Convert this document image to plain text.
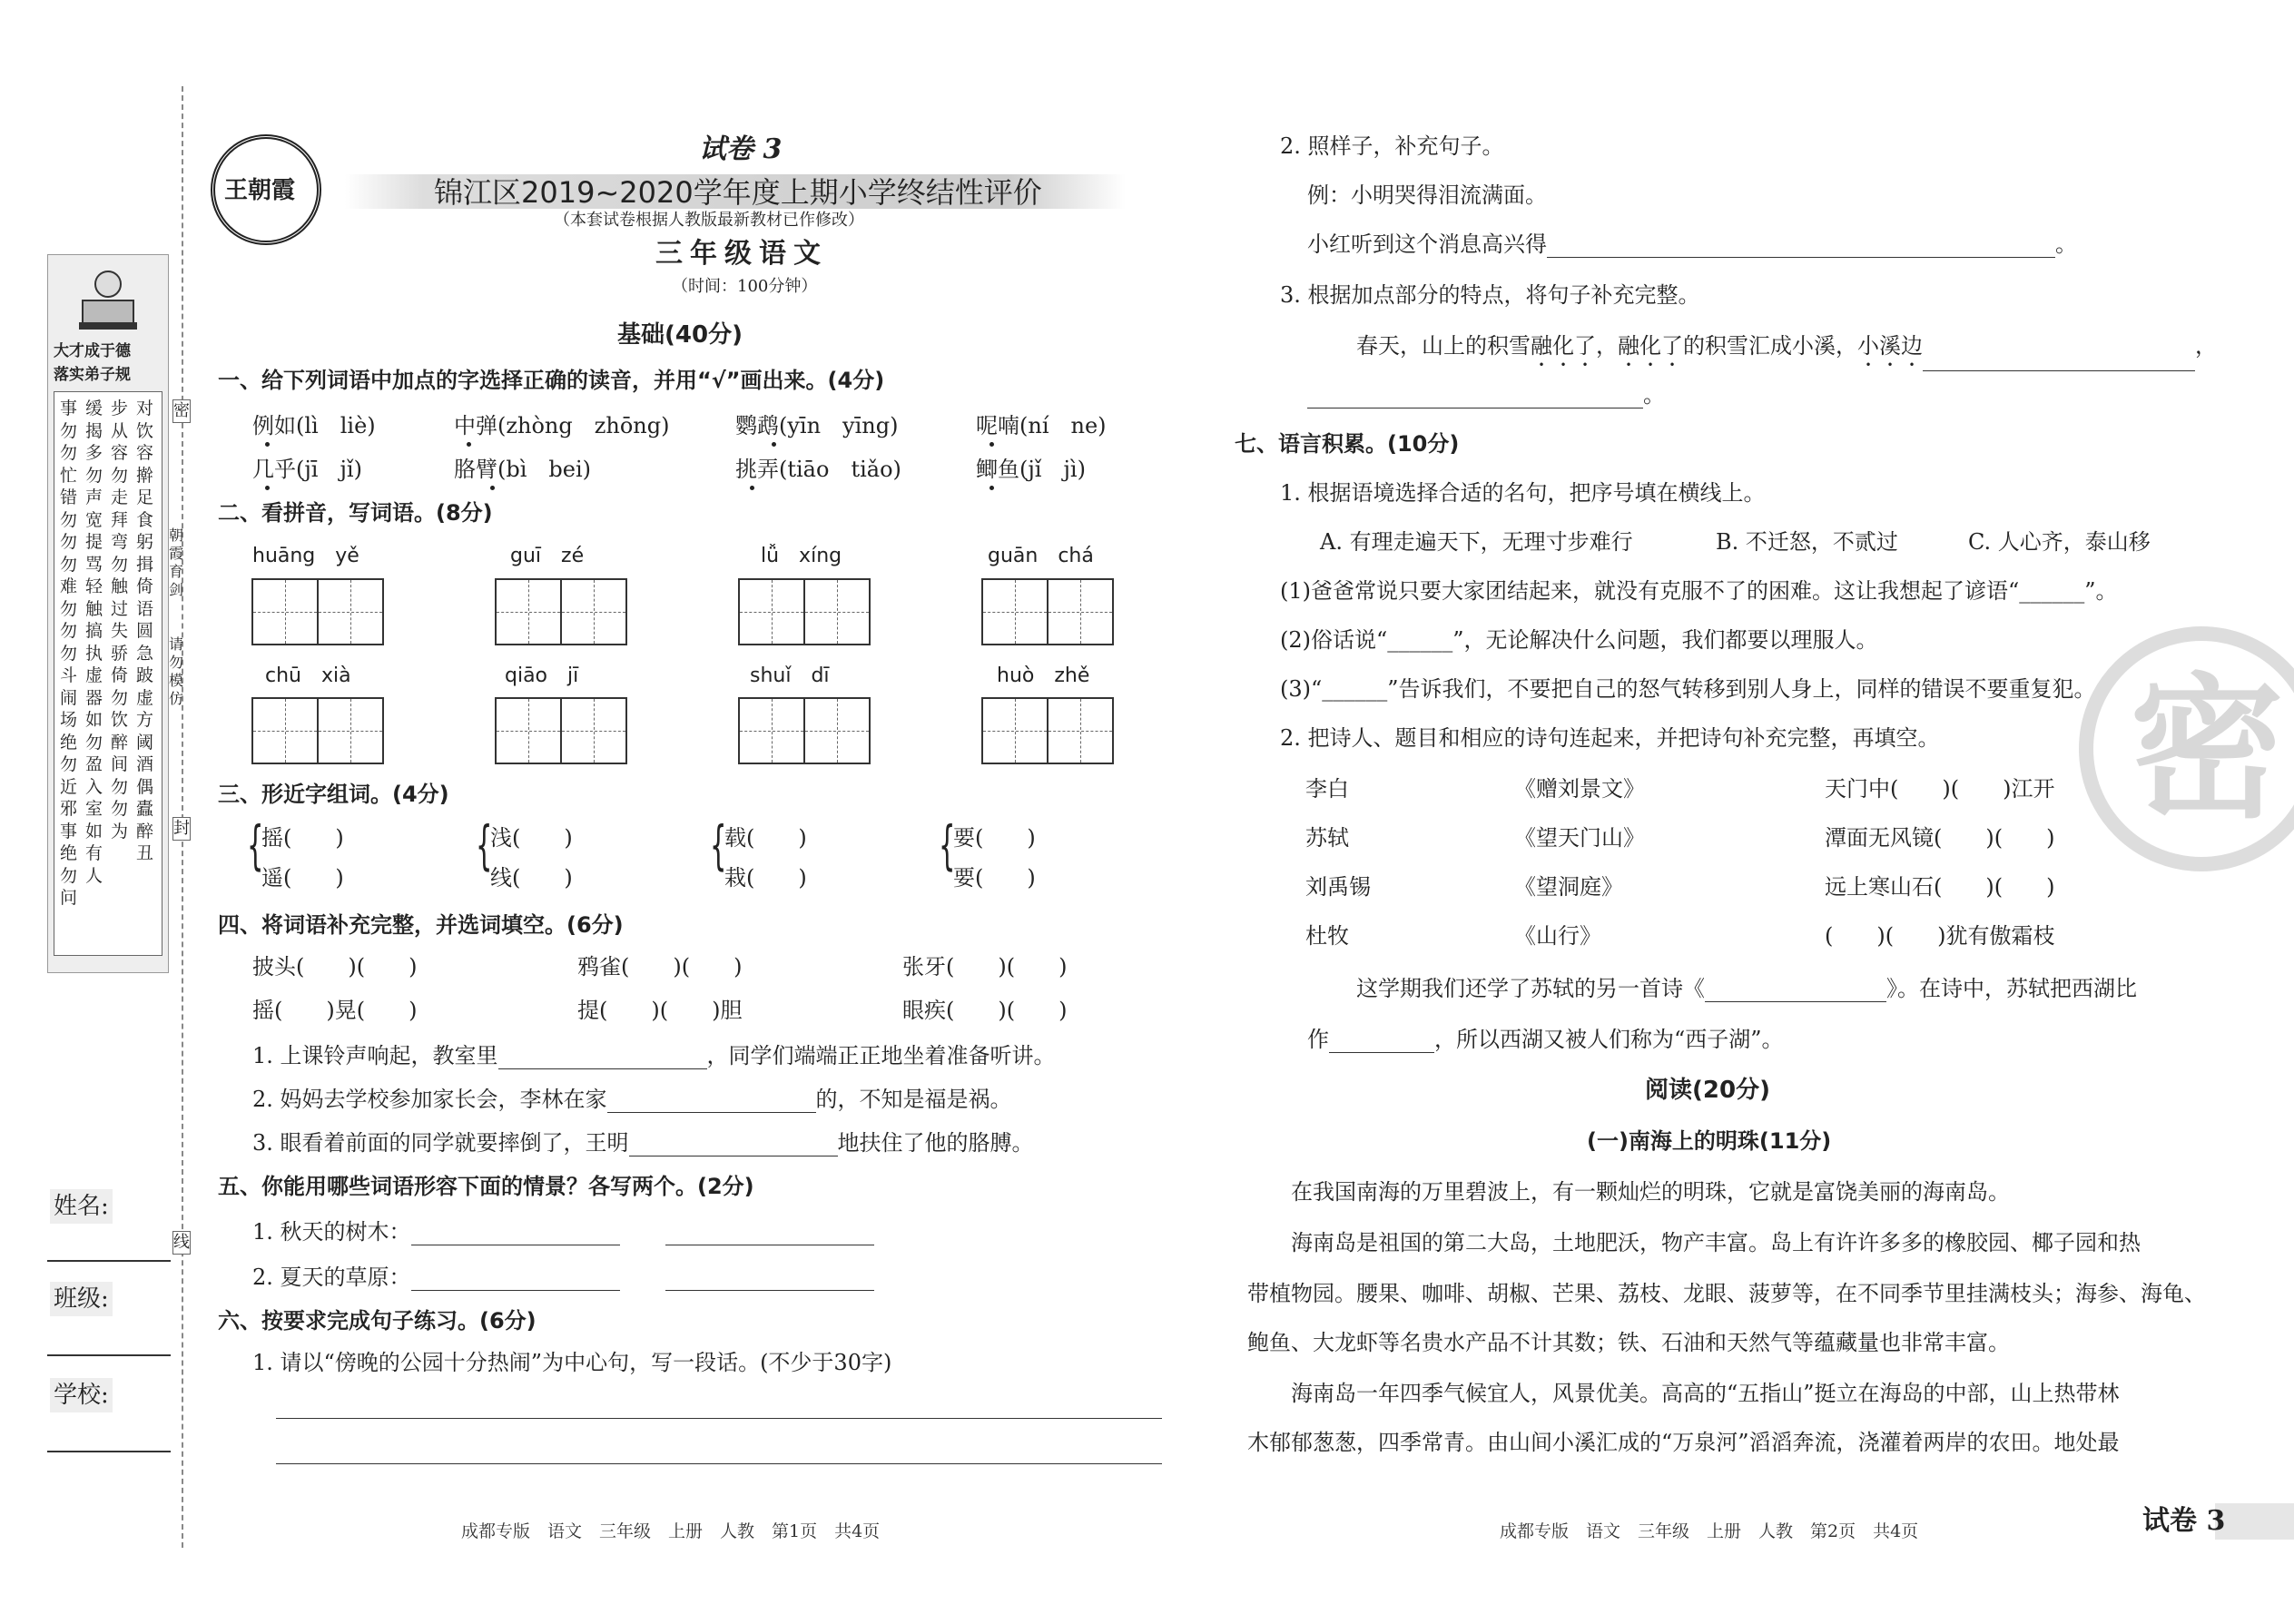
大才成于德
落实弟子规
事勿勿忙错勿勿勿难勿勿勿斗闹场绝勿近邪事绝勿问
缓揭多勿声宽提骂轻触搞执虚器如勿盈入室如有人
步从容勿走拜弯勿触过失骄倚勿饮醉间勿勿为
对饮容擀足食躬揖倚语圆急跛虚方阈酒偶蠹醉丑
密
封
线
朝霞育剑
请勿模仿
姓名:
班级:
学校:
王朝霞
试卷 3
锦江区2019~2020学年度上期小学终结性评价
（本套试卷根据人教版最新教材已作修改）
三年级语文
（时间：100分钟）
基础(40分)
一、给下列词语中加点的字选择正确的读音，并用“√”画出来。(4分)
例如(lì　liè)	中弹(zhòng　zhōng)	鹦鹉(yīn　yīng)	呢喃(ní　ne)
几乎(jī　jǐ)	胳臂(bì　bei)	挑弄(tiāo　tiǎo)	鲫鱼(jǐ　jì)
二、看拼音，写词语。(8分)
huāng　yě	guī　zé	lǚ　xíng	guān　chá
chū　xià	qiāo　jī	shuǐ　dī	huò　zhě
三、形近字组词。(4分)
{
摇(　　)
遥(　　)
{
浅(　　)
线(　　)
{
载(　　)
栽(　　)
{
要(　　)
要(　　)
四、将词语补充完整，并选词填空。(6分)
披头(　　)(　　)	鸦雀(　　)(　　)	张牙(　　)(　　)
摇(　　)晃(　　)	提(　　)(　　)胆	眼疾(　　)(　　)
1. 上课铃声响起，教室里	，同学们端端正正地坐着准备听讲。
2. 妈妈去学校参加家长会，李林在家	的，不知是福是祸。
3. 眼看着前面的同学就要摔倒了，王明	地扶住了他的胳膊。
五、你能用哪些词语形容下面的情景？各写两个。(2分)
1. 秋天的树木：
2. 夏天的草原：
六、按要求完成句子练习。(6分)
1. 请以“傍晚的公园十分热闹”为中心句，写一段话。(不少于30字)
成都专版　语文　三年级　上册　人教　第1页　共4页
2. 照样子，补充句子。
例：小明哭得泪流满面。
小红听到这个消息高兴得	。
3. 根据加点部分的特点，将句子补充完整。
春天，山上的积雪融化了，融化了的积雪汇成小溪，小溪边	，
。
七、语言积累。(10分)
1. 根据语境选择合适的名句，把序号填在横线上。
A. 有理走遍天下，无理寸步难行	B. 不迁怒，不贰过	C. 人心齐，泰山移
(1)爸爸常说只要大家团结起来，就没有克服不了的困难。这让我想起了谚语“______”。
(2)俗话说“______”，无论解决什么问题，我们都要以理服人。
(3)“______”告诉我们，不要把自己的怒气转移到别人身上，同样的错误不要重复犯。
2. 把诗人、题目和相应的诗句连起来，并把诗句补充完整，再填空。
李白	《赠刘景文》	天门中(　　)(　　)江开
苏轼	《望天门山》	潭面无风镜(　　)(　　)
刘禹锡	《望洞庭》	远上寒山石(　　)(　　)
杜牧	《山行》	(　　)(　　)犹有傲霜枝
这学期我们还学了苏轼的另一首诗《	》。在诗中，苏轼把西湖比
作	，所以西湖又被人们称为“西子湖”。
阅读(20分)
(一)南海上的明珠(11分)
在我国南海的万里碧波上，有一颗灿烂的明珠，它就是富饶美丽的海南岛。
海南岛是祖国的第二大岛，土地肥沃，物产丰富。岛上有许许多多的橡胶园、椰子园和热
带植物园。腰果、咖啡、胡椒、芒果、荔枝、龙眼、菠萝等，在不同季节里挂满枝头；海参、海龟、
鲍鱼、大龙虾等名贵水产品不计其数；铁、石油和天然气等蕴藏量也非常丰富。
海南岛一年四季气候宜人，风景优美。高高的“五指山”挺立在海岛的中部，山上热带林
木郁郁葱葱，四季常青。由山间小溪汇成的“万泉河”滔滔奔流，浇灌着两岸的农田。地处最
成都专版　语文　三年级　上册　人教　第2页　共4页
密
试卷 3
